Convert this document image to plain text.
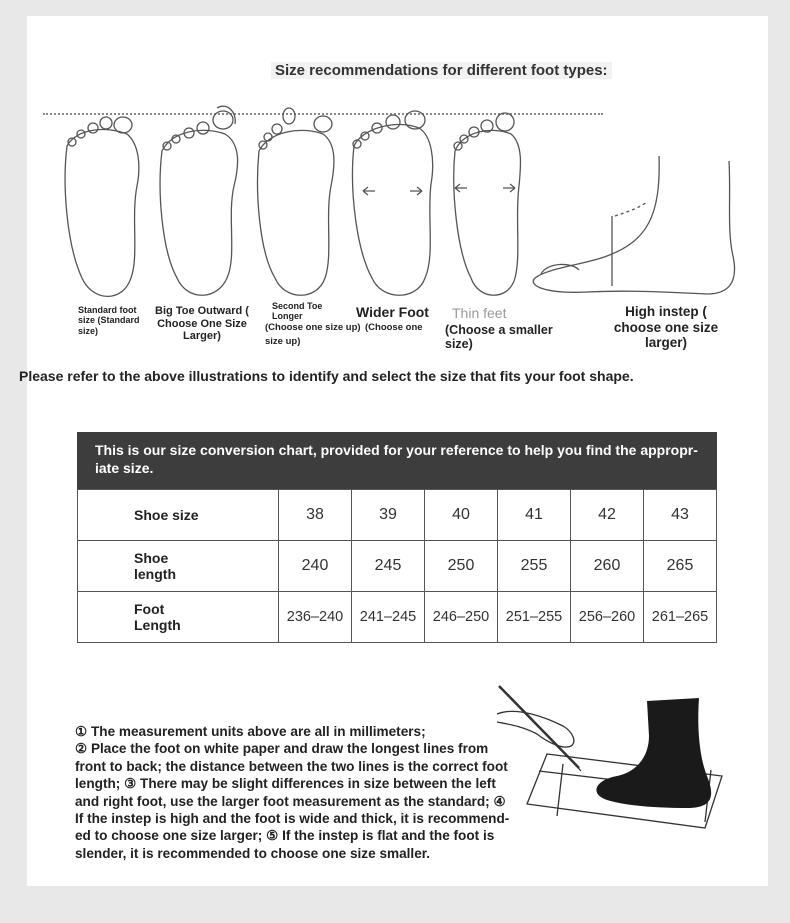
Size recommendations for different foot types:
Standard foot
size (Standard
size)
Big Toe Outward (
Choose One Size
Larger)
Second Toe
Longer
(Choose one size up)
size up)
Wider Foot
(Choose one
Thin feet
(Choose a smaller
size)
High instep (
choose one size
larger)
Please refer to the above illustrations to identify and select the size that fits your foot shape.
This is our size conversion chart, provided for your reference to help you find the appropr-
iate size.
Shoe size	38	39	40	41	42	43

Shoe
length	240	245	250	255	260	265

Foot
Length	236–240	241–245	246–250	251–255	256–260	261–265
① The measurement units above are all in millimeters;
② Place the foot on white paper and draw the longest lines from
front to back; the distance between the two lines is the correct foot
length; ③ There may be slight differences in size between the left
and right foot, use the larger foot measurement as the standard; ④
If the instep is high and the foot is wide and thick, it is recommend-
ed to choose one size larger; ⑤ If the instep is flat and the foot is
slender, it is recommended to choose one size smaller.
